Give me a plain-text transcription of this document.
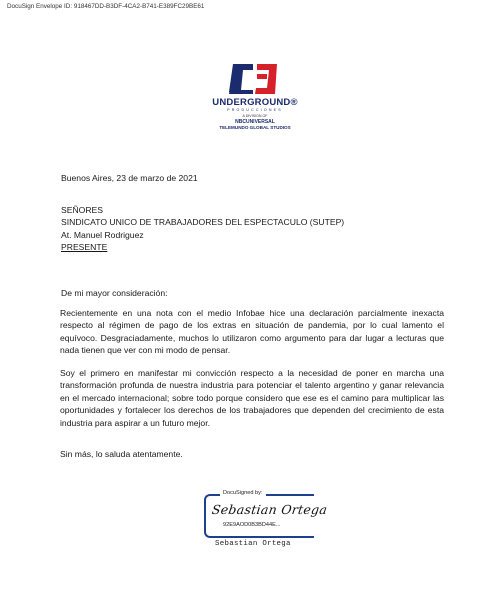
DocuSign Envelope ID: 918467DD-B3DF-4CA2-B741-E389FC29BE61
UNDERGROUND®
PRODUCCIONES
A DIVISION OF
NBCUNIVERSAL
TELEMUNDO GLOBAL STUDIOS
Buenos Aires, 23 de marzo de 2021
SEÑORES
SINDICATO UNICO DE TRABAJADORES DEL ESPECTACULO (SUTEP)
At. Manuel Rodriguez
PRESENTE
De mi mayor consideración:
Recientemente en una nota con el medio Infobae hice una declaración parcialmente inexacta respecto al régimen de pago de los extras en situación de pandemia, por lo cual lamento el equívoco. Desgraciadamente, muchos lo utilizaron como argumento para dar lugar a lecturas que nada tienen que ver con mi modo de pensar.
Soy el primero en manifestar mi convicción respecto a la necesidad de poner en marcha una transformación profunda de nuestra industria para potenciar el talento argentino y ganar relevancia en el mercado internacional; sobre todo porque considero que ese es el camino para multiplicar las oportunidades y fortalecer los derechos de los trabajadores que dependen del crecimiento de esta industria para aspirar a un futuro mejor.
Sin más, lo saluda atentamente.
DocuSigned by:
Sebastian Ortega
92E9AOD0B3BD44E...
Sebastian Ortega
